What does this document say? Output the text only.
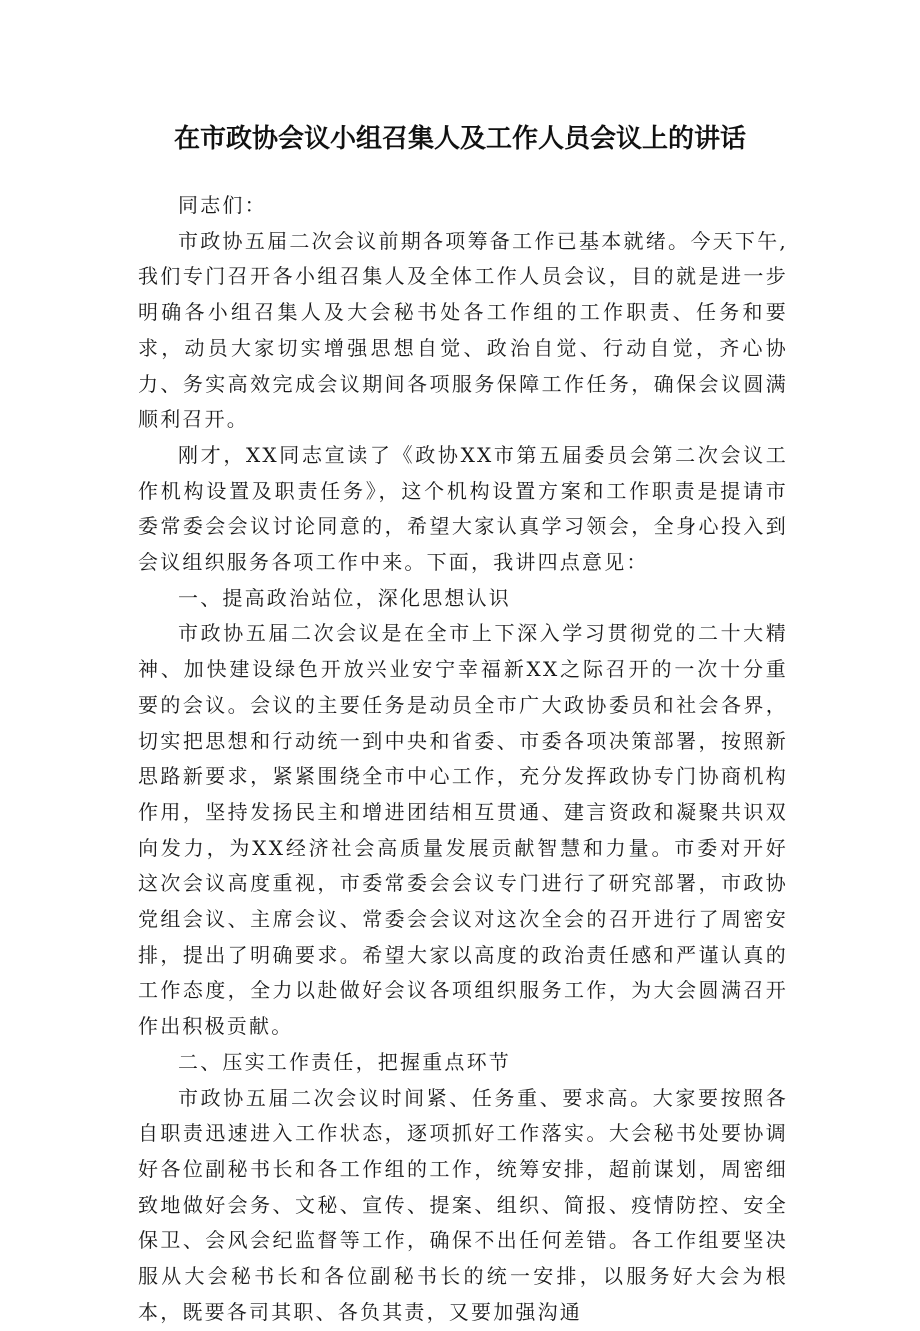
在市政协会议小组召集人及工作人员会议上的讲话

同志们：

市政协五届二次会议前期各项筹备工作已基本就绪。今天下午,我们专门召开各小组召集人及全体工作人员会议，目的就是进一步明确各小组召集人及大会秘书处各工作组的工作职责、任务和要求，动员大家切实增强思想自觉、政治自觉、行动自觉，齐心协力、务实高效完成会议期间各项服务保障工作任务，确保会议圆满顺利召开。

刚才，XX同志宣读了《政协XX市第五届委员会第二次会议工作机构设置及职责任务》，这个机构设置方案和工作职责是提请市委常委会会议讨论同意的，希望大家认真学习领会，全身心投入到会议组织服务各项工作中来。下面，我讲四点意见：

一、提高政治站位，深化思想认识

市政协五届二次会议是在全市上下深入学习贯彻党的二十大精神、加快建设绿色开放兴业安宁幸福新XX之际召开的一次十分重要的会议。会议的主要任务是动员全市广大政协委员和社会各界，切实把思想和行动统一到中央和省委、市委各项决策部署，按照新思路新要求，紧紧围绕全市中心工作，充分发挥政协专门协商机构作用，坚持发扬民主和增进团结相互贯通、建言资政和凝聚共识双向发力，为XX经济社会高质量发展贡献智慧和力量。市委对开好这次会议高度重视，市委常委会会议专门进行了研究部署，市政协党组会议、主席会议、常委会会议对这次全会的召开进行了周密安排，提出了明确要求。希望大家以高度的政治责任感和严谨认真的工作态度，全力以赴做好会议各项组织服务工作，为大会圆满召开作出积极贡献。

二、压实工作责任，把握重点环节

市政协五届二次会议时间紧、任务重、要求高。大家要按照各自职责迅速进入工作状态，逐项抓好工作落实。大会秘书处要协调好各位副秘书长和各工作组的工作，统筹安排，超前谋划，周密细致地做好会务、文秘、宣传、提案、组织、简报、疫情防控、安全保卫、会风会纪监督等工作，确保不出任何差错。各工作组要坚决服从大会秘书长和各位副秘书长的统一安排，以服务好大会为根本，既要各司其职、各负其责，又要加强沟通
